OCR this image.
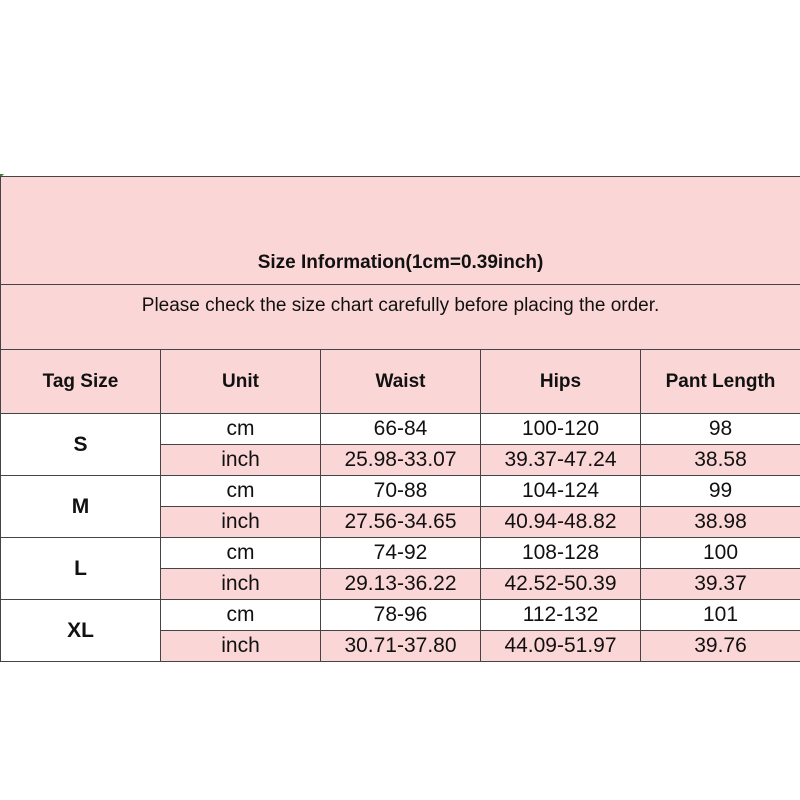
Size Information(1cm=0.39inch)				

Please check the size chart carefully before placing the order.				

Tag Size	Unit	Waist	Hips	Pant Length
S	cm	66-84	100-120	98
	inch	25.98-33.07	39.37-47.24	38.58
M	cm	70-88	104-124	99
	inch	27.56-34.65	40.94-48.82	38.98
L	cm	74-92	108-128	100
	inch	29.13-36.22	42.52-50.39	39.37
XL	cm	78-96	112-132	101
	inch	30.71-37.80	44.09-51.97	39.76
